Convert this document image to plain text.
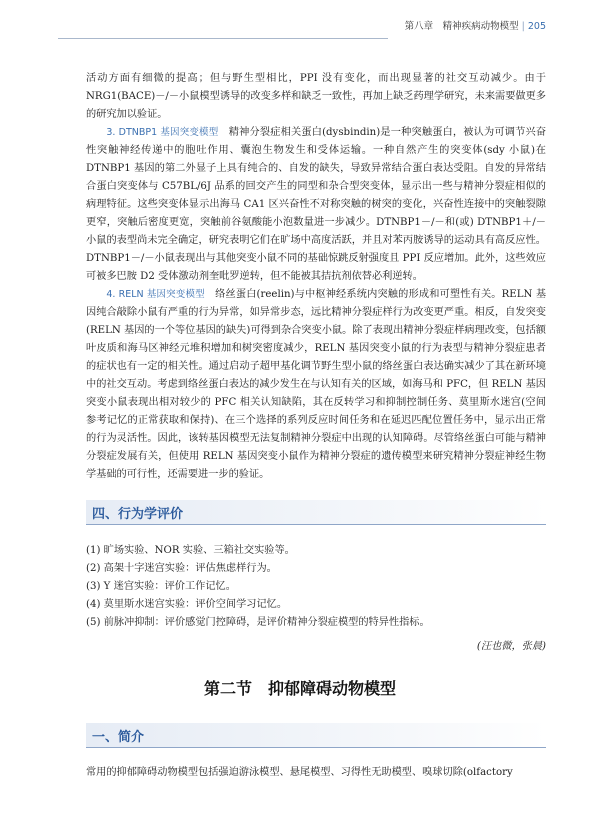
第八章　精神疾病动物模型 | 205

活动方面有细微的提高；但与野生型相比，PPI 没有变化，而出现显著的社交互动减少。由于 NRG1(BACE)－/－小鼠模型诱导的改变多样和缺乏一致性，再加上缺乏药理学研究，未来需要做更多的研究加以验证。

3. DTNBP1 基因突变模型　 精神分裂症相关蛋白(dysbindin)是一种突触蛋白，被认为可调节兴奋性突触神经传递中的胞吐作用、囊泡生物发生和受体运输。一种自然产生的突变体(sdy 小鼠)在 DTNBP1 基因的第二外显子上具有纯合的、自发的缺失，导致异常结合蛋白表达受阻。自发的异常结合蛋白突变体与 C57BL/6J 品系的回交产生的同型和杂合型突变体，显示出一些与精神分裂症相似的病理特征。这些突变体显示出海马 CA1 区兴奋性不对称突触的树突的变化，兴奋性连接中的突触裂隙更窄，突触后密度更宽，突触前谷氨酸能小泡数量进一步减少。DTNBP1－/－和(或) DTNBP1＋/－小鼠的表型尚未完全确定，研究表明它们在旷场中高度活跃，并且对苯丙胺诱导的运动具有高反应性。DTNBP1－/－小鼠表现出与其他突变小鼠不同的基础惊跳反射强度且 PPI 反应增加。此外，这些效应可被多巴胺 D2 受体激动剂奎吡罗逆转，但不能被其拮抗剂依替必利逆转。

4. RELN 基因突变模型　 络丝蛋白(reelin)与中枢神经系统内突触的形成和可塑性有关。RELN 基因纯合敲除小鼠有严重的行为异常，如异常步态，远比精神分裂症样行为改变更严重。相反，自发突变(RELN 基因的一个等位基因的缺失)可得到杂合突变小鼠。除了表现出精神分裂症样病理改变，包括额叶皮质和海马区神经元堆积增加和树突密度减少，RELN 基因突变小鼠的行为表型与精神分裂症患者的症状也有一定的相关性。通过启动子超甲基化调节野生型小鼠的络丝蛋白表达确实减少了其在新环境中的社交互动。考虑到络丝蛋白表达的减少发生在与认知有关的区域，如海马和 PFC，但 RELN 基因突变小鼠表现出相对较少的 PFC 相关认知缺陷，其在反转学习和抑制控制任务、莫里斯水迷宫(空间参考记忆的正常获取和保持)、在三个选择的系列反应时间任务和在延迟匹配位置任务中，显示出正常的行为灵活性。因此，该转基因模型无法复制精神分裂症中出现的认知障碍。尽管络丝蛋白可能与精神分裂症发展有关，但使用 RELN 基因突变小鼠作为精神分裂症的遗传模型来研究精神分裂症神经生物学基础的可行性，还需要进一步的验证。

四、行为学评价
(1) 旷场实验、NOR 实验、三箱社交实验等。
(2) 高架十字迷宫实验：评估焦虑样行为。
(3) Y 迷宫实验：评价工作记忆。
(4) 莫里斯水迷宫实验：评价空间学习记忆。
(5) 前脉冲抑制：评价感觉门控障碍，是评价精神分裂症模型的特异性指标。
(汪也微，张晨)
第二节　抑郁障碍动物模型
一、简介
常用的抑郁障碍动物模型包括强迫游泳模型、悬尾模型、习得性无助模型、嗅球切除(olfactory
